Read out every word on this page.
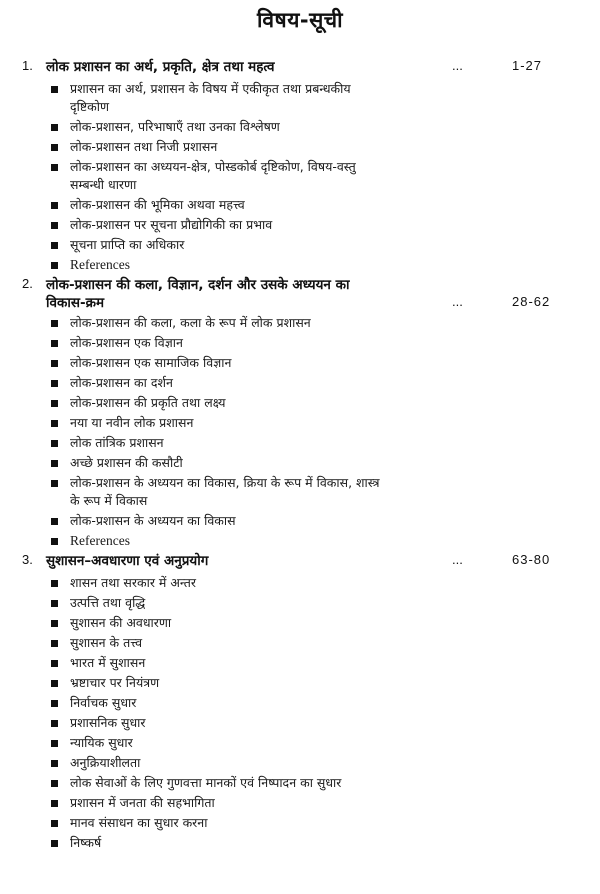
विषय-सूची
1. लोक प्रशासन का अर्थ, प्रकृति, क्षेत्र तथा महत्व	...	1-27
प्रशासन का अर्थ, प्रशासन के विषय में एकीकृत तथा प्रबन्धकीय
दृष्टिकोण
लोक-प्रशासन, परिभाषाएँ तथा उनका विश्लेषण
लोक-प्रशासन तथा निजी प्रशासन
लोक-प्रशासन का अध्ययन-क्षेत्र, पोस्डकोर्ब दृष्टिकोण, विषय-वस्तु
सम्बन्धी धारणा
लोक-प्रशासन की भूमिका अथवा महत्त्व
लोक-प्रशासन पर सूचना प्रौद्योगिकी का प्रभाव
सूचना प्राप्ति का अधिकार
References
2. लोक-प्रशासन की कला, विज्ञान, दर्शन और उसके अध्ययन का
विकास-क्रम	...	28-62
लोक-प्रशासन की कला, कला के रूप में लोक प्रशासन
लोक-प्रशासन एक विज्ञान
लोक-प्रशासन एक सामाजिक विज्ञान
लोक-प्रशासन का दर्शन
लोक-प्रशासन की प्रकृति तथा लक्ष्य
नया या नवीन लोक प्रशासन
लोक तांत्रिक प्रशासन
अच्छे प्रशासन की कसौटी
लोक-प्रशासन के अध्ययन का विकास, क्रिया के रूप में विकास, शास्त्र
के रूप में विकास
लोक-प्रशासन के अध्ययन का विकास
References
3. सुशासन–अवधारणा एवं अनुप्रयोग	...	63-80
शासन तथा सरकार में अन्तर
उत्पत्ति तथा वृद्धि
सुशासन की अवधारणा
सुशासन के तत्त्व
भारत में सुशासन
भ्रष्टाचार पर नियंत्रण
निर्वाचक सुधार
प्रशासनिक सुधार
न्यायिक सुधार
अनुक्रियाशीलता
लोक सेवाओं के लिए गुणवत्ता मानकों एवं निष्पादन का सुधार
प्रशासन में जनता की सहभागिता
मानव संसाधन का सुधार करना
निष्कर्ष
